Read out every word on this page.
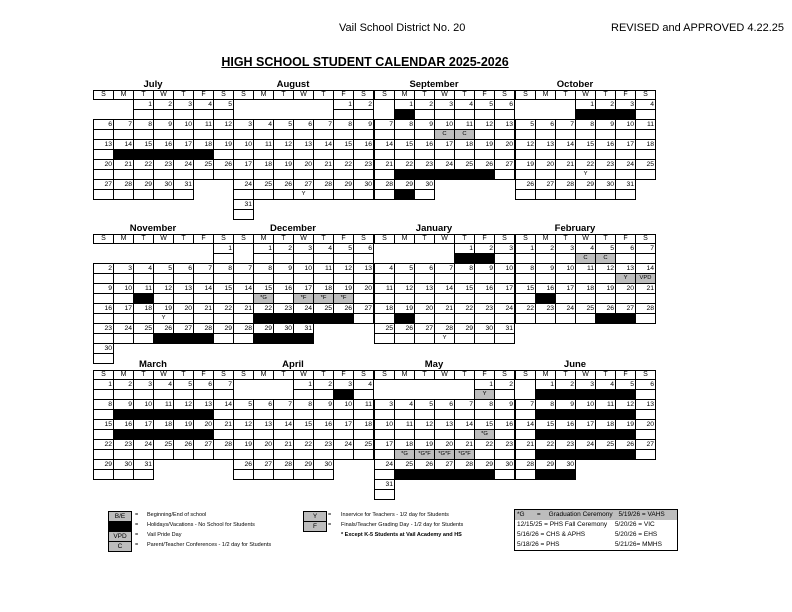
Vail School District No. 20	REVISED and APPROVED 4.22.25
HIGH SCHOOL STUDENT CALENDAR 2025-2026
July
S	M	T	W	T	F	S
		1	2	3	4	5

6	7	8	9	10	11	12

13	14	15	16	17	18	19
					B	
20	21	22	23	24	25	26

27	28	29	30	31		

August
S	M	T	W	T	F	S
					1	2

3	4	5	6	7	8	9

10	11	12	13	14	15	16

17	18	19	20	21	22	23

24	25	26	27	28	29	30
			Y			
31						

September
S	M	T	W	T	F	S
	1	2	3	4	5	6

7	8	9	10	11	12	13
			C	C		
14	15	16	17	18	19	20

21	22	23	24	25	26	27

28	29	30				

October
S	M	T	W	T	F	S
			1	2	3	4

5	6	7	8	9	10	11

12	13	14	15	16	17	18

19	20	21	22	23	24	25
			Y			
26	27	28	29	30	31	

November
S	M	T	W	T	F	S
						1

2	3	4	5	6	7	8

9	10	11	12	13	14	15

16	17	18	19	20	21	22
			Y			
23	24	25	26	27	28	29

30						

December
S	M	T	W	T	F	S
	1	2	3	4	5	6

7	8	9	10	11	12	13

14	15	16	17	18	19	20
	*G		*F	*F	*F	
21	22	23	24	25	26	27

28	29	30	31			

January
S	M	T	W	T	F	S
				1	2	3

4	5	6	7	8	9	10

11	12	13	14	15	16	17

18	19	20	21	22	23	24

25	26	27	28	29	30	31
			Y			
February
S	M	T	W	T	F	S
1	2	3	4	5	6	7
			C	C		
8	9	10	11	12	13	14
					Y	VPD
15	16	17	18	19	20	21

22	23	24	25	26	27	28

March
S	M	T	W	T	F	S
1	2	3	4	5	6	7

8	9	10	11	12	13	14

15	16	17	18	19	20	21

22	23	24	25	26	27	28

29	30	31				

April
S	M	T	W	T	F	S
			1	2	3	4

5	6	7	8	9	10	11

12	13	14	15	16	17	18

19	20	21	22	23	24	25

26	27	28	29	30		

May
S	M	T	W	T	F	S
					1	2
					Y	
3	4	5	6	7	8	9

10	11	12	13	14	15	16
					*G	
17	18	19	20	21	22	23
	*G	*G*F	*G*F	*G*F		
24	25	26	27	28	29	30

31						

June
S	M	T	W	T	F	S
	1	2	3	4	5	6

7	8	9	10	11	12	13

14	15	16	17	18	19	20

21	22	23	24	25	26	27

28	29	30				

B/E	= Beginning/End of school
= Holidays/Vacations - No School for Students
VPD	= Vail Pride Day
C	= Parent/Teacher Conferences - 1/2 day for Students
Y	= Inservice for Teachers - 1/2 day for Students
F	= Finals/Teacher Grading Day - 1/2 day for Students
* Except K-5 Students at Vail Academy and HS
*G = Graduation Ceremony 5/19/26 = VAHS
12/15/25 = PHS Fall Ceremony 5/20/26 = VIC
5/16/26 = CHS & APHS	5/20/26 = EHS
5/18/26 = PHS	5/21/26= MMHS
